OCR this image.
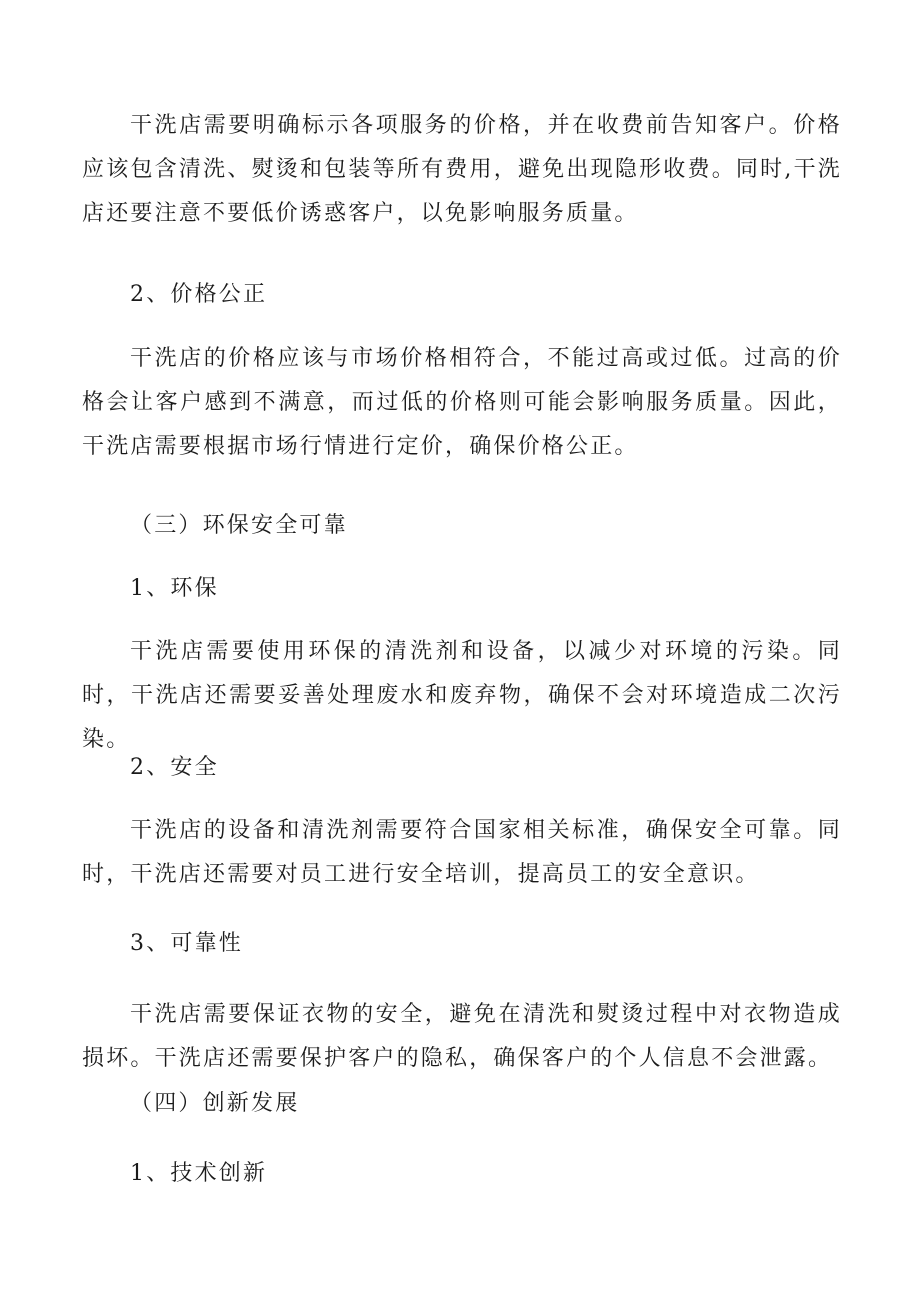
干洗店需要明确标示各项服务的价格，并在收费前告知客户。价格应该包含清洗、熨烫和包装等所有费用，避免出现隐形收费。同时,干洗店还要注意不要低价诱惑客户，以免影响服务质量。

2、价格公正

干洗店的价格应该与市场价格相符合，不能过高或过低。过高的价格会让客户感到不满意，而过低的价格则可能会影响服务质量。因此，干洗店需要根据市场行情进行定价，确保价格公正。

（三）环保安全可靠

1、环保

干洗店需要使用环保的清洗剂和设备，以减少对环境的污染。同时，干洗店还需要妥善处理废水和废弃物，确保不会对环境造成二次污染。

2、安全

干洗店的设备和清洗剂需要符合国家相关标准，确保安全可靠。同时，干洗店还需要对员工进行安全培训，提高员工的安全意识。

3、可靠性

干洗店需要保证衣物的安全，避免在清洗和熨烫过程中对衣物造成损坏。干洗店还需要保护客户的隐私，确保客户的个人信息不会泄露。

（四）创新发展

1、技术创新
